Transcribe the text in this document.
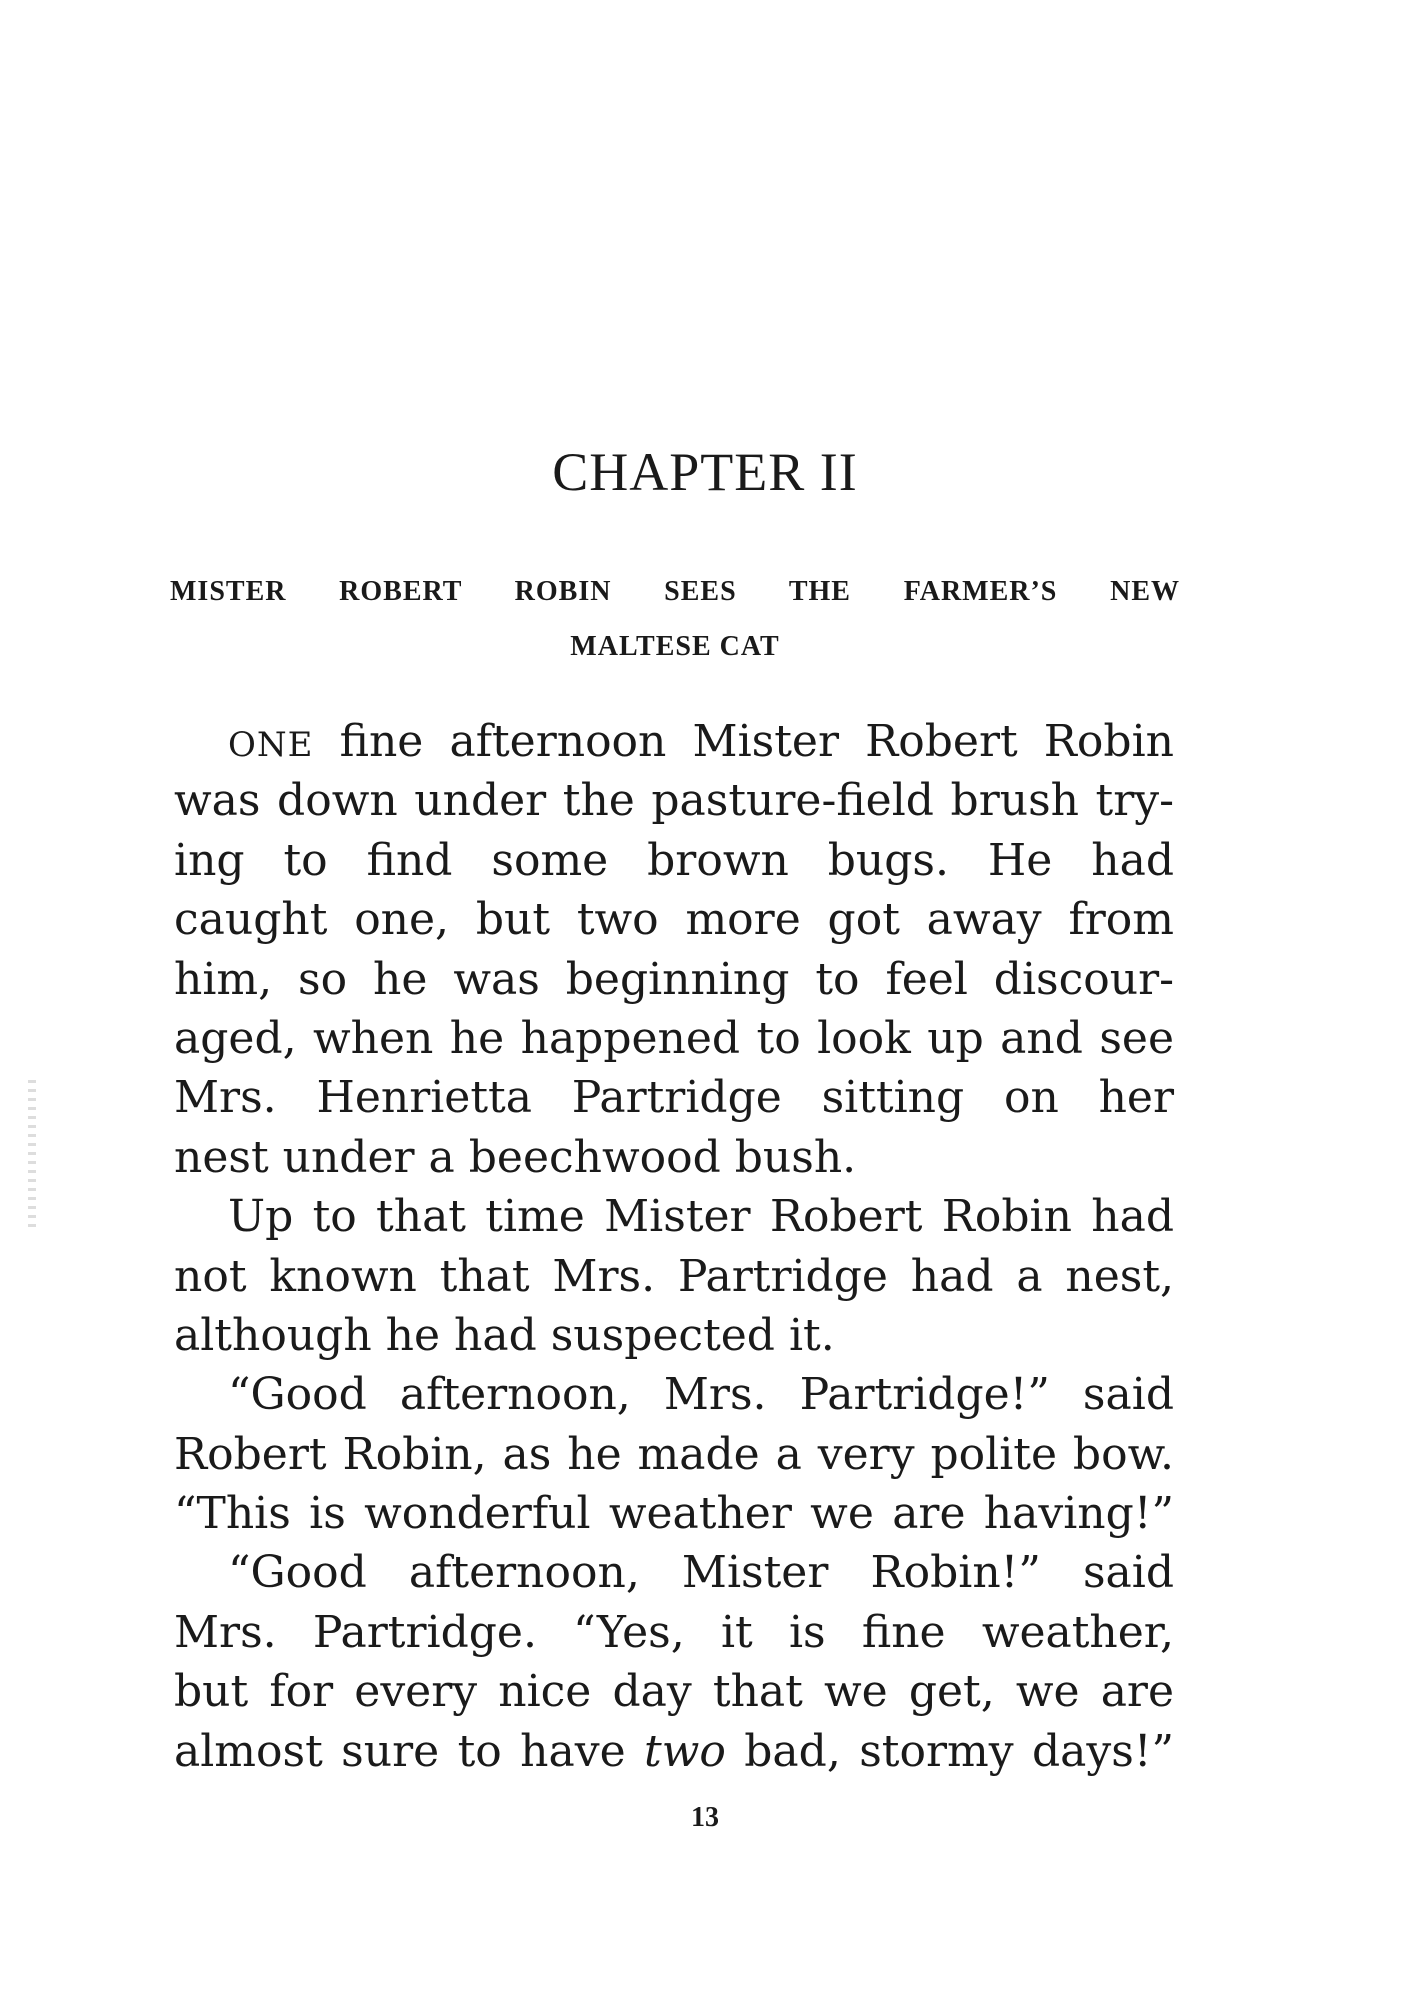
CHAPTER II
MISTER ROBERT ROBIN SEES THE FARMER’S NEW
MALTESE CAT
ONE fine afternoon Mister Robert Robin
was down under the pasture-field brush try-
ing to find some brown bugs. He had
caught one, but two more got away from
him, so he was beginning to feel discour-
aged, when he happened to look up and see
Mrs. Henrietta Partridge sitting on her
nest under a beechwood bush.
Up to that time Mister Robert Robin had
not known that Mrs. Partridge had a nest,
although he had suspected it.
“Good afternoon, Mrs. Partridge!” said
Robert Robin, as he made a very polite bow.
“This is wonderful weather we are having!”
“Good afternoon, Mister Robin!” said
Mrs. Partridge. “Yes, it is fine weather,
but for every nice day that we get, we are
almost sure to have two bad, stormy days!”
13
